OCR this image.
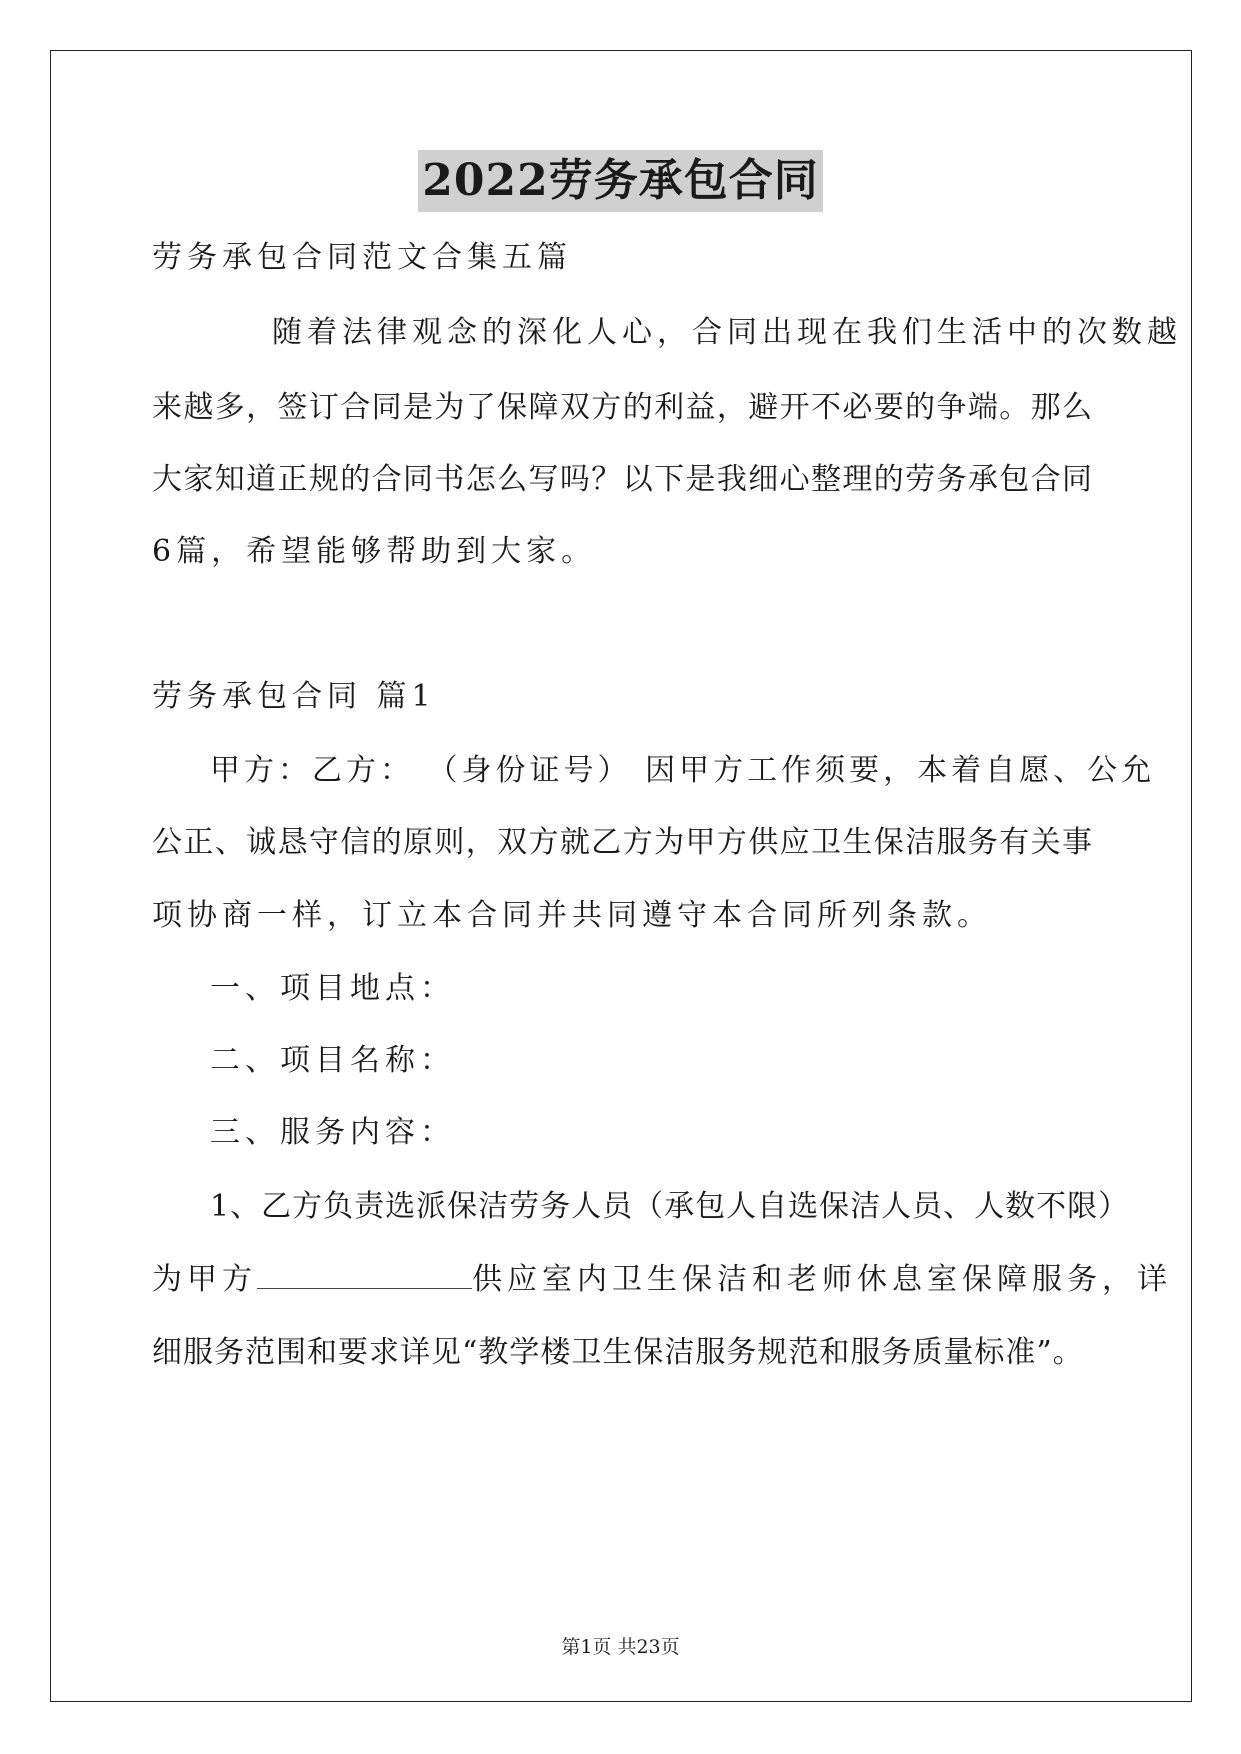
2022劳务承包合同
劳务承包合同范文合集五篇
随着法律观念的深化人心，合同出现在我们生活中的次数越
来越多，签订合同是为了保障双方的利益，避开不必要的争端。那么
大家知道正规的合同书怎么写吗？以下是我细心整理的劳务承包合同
6篇，希望能够帮助到大家。
劳务承包合同 篇1
甲方：乙方： （身份证号） 因甲方工作须要，本着自愿、公允
公正、诚恳守信的原则，双方就乙方为甲方供应卫生保洁服务有关事
项协商一样，订立本合同并共同遵守本合同所列条款。
一、项目地点：
二、项目名称：
三、服务内容：
1、乙方负责选派保洁劳务人员（承包人自选保洁人员、人数不限）
为甲方	供应室内卫生保洁和老师休息室保障服务，详
细服务范围和要求详见“教学楼卫生保洁服务规范和服务质量标准”。
第1页 共23页
